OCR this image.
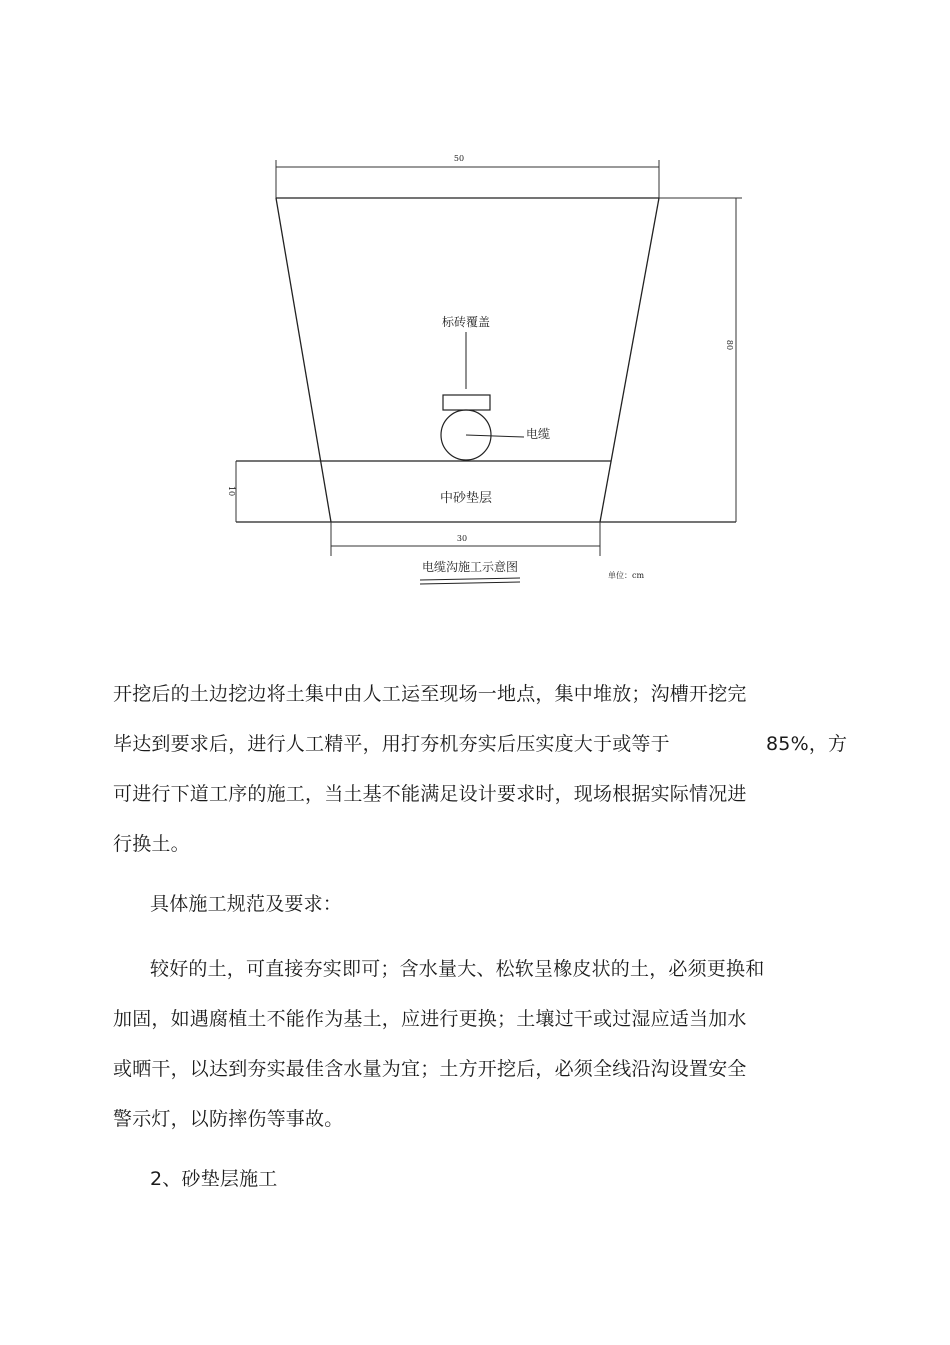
50
10
80
30
标砖覆盖
电缆
中砂垫层
电缆沟施工示意图
单位：cm
开挖后的土边挖边将土集中由人工运至现场一地点，集中堆放；沟槽开挖完
毕达到要求后，进行人工精平，用打夯机夯实后压实度大于或等于	85%，方
可进行下道工序的施工，当土基不能满足设计要求时，现场根据实际情况进
行换土。
具体施工规范及要求：
较好的土，可直接夯实即可；含水量大、松软呈橡皮状的土，必须更换和
加固，如遇腐植土不能作为基土，应进行更换；土壤过干或过湿应适当加水
或晒干，以达到夯实最佳含水量为宜；土方开挖后，必须全线沿沟设置安全
警示灯，以防摔伤等事故。
2、砂垫层施工
